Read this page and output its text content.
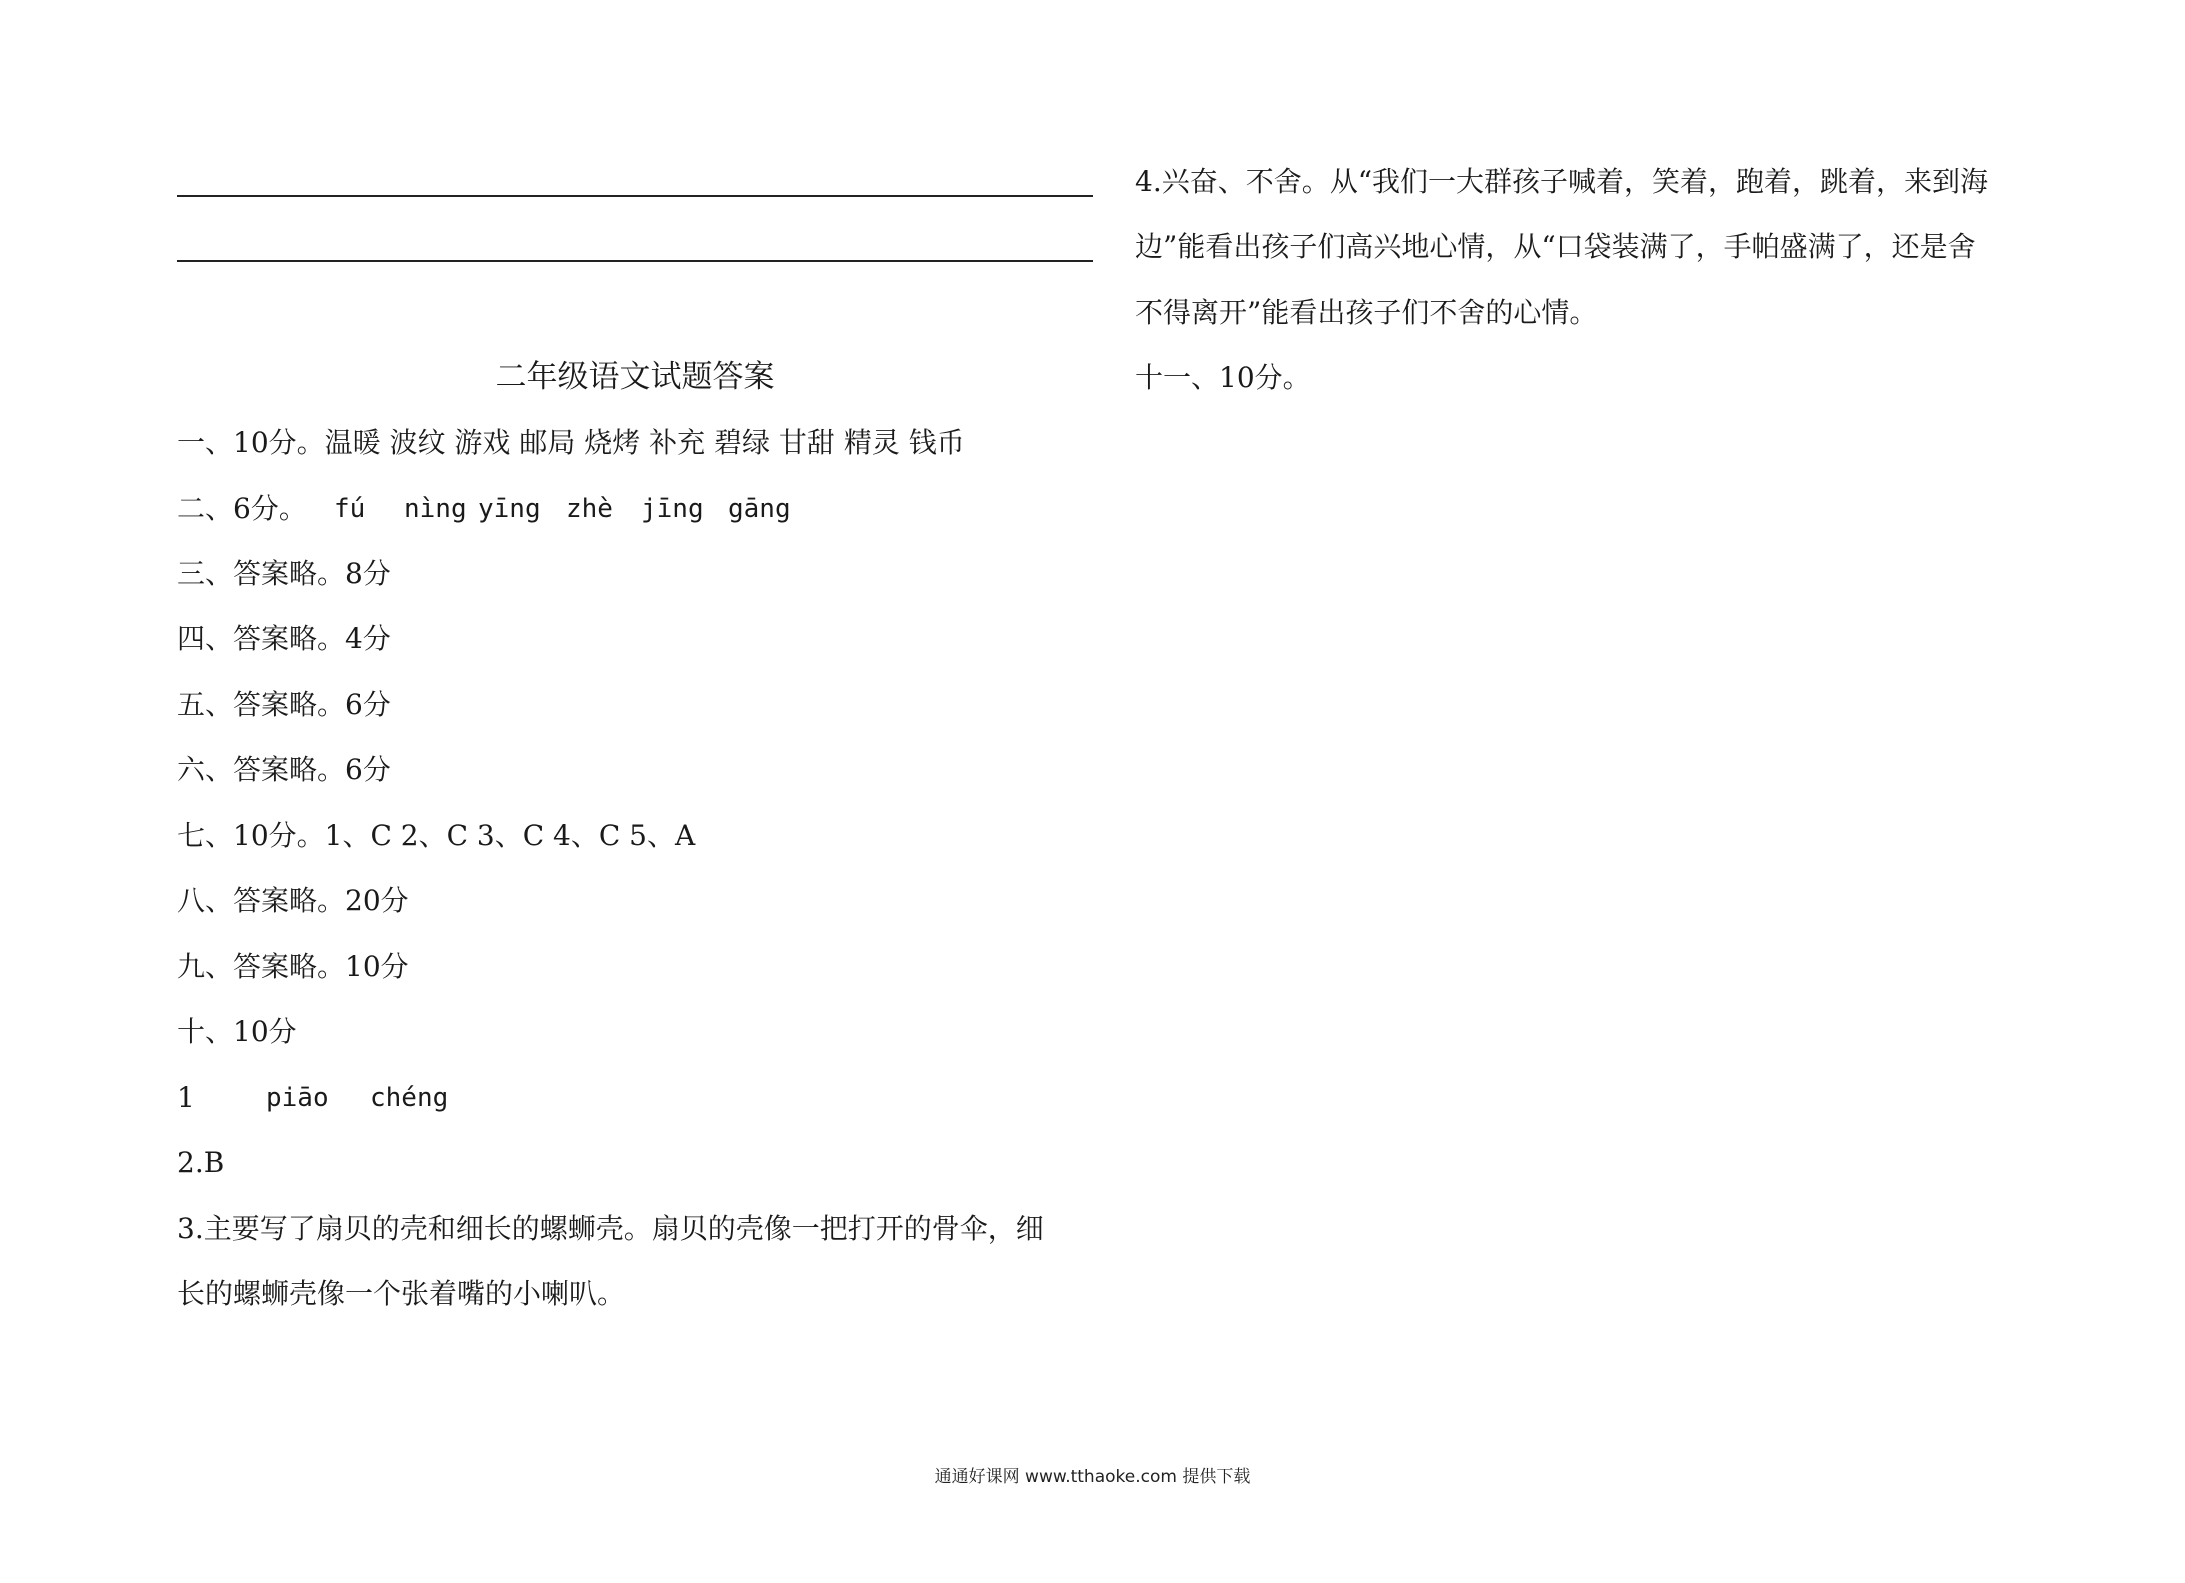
二年级语文试题答案
一、10分。温暖 波纹 游戏 邮局 烧烤 补充 碧绿 甘甜 精灵 钱币
二、6分。 fú nìng yīng zhè jīng gāng
三、答案略。8分
四、答案略。4分
五、答案略。6分
六、答案略。6分
七、10分。1、C 2、C 3、C 4、C 5、A
八、答案略。20分
九、答案略。10分
十、10分
1	piāo chéng
2.B
3.主要写了扇贝的壳和细长的螺蛳壳。扇贝的壳像一把打开的骨伞，细
长的螺蛳壳像一个张着嘴的小喇叭。
4.兴奋、不舍。从“我们一大群孩子喊着，笑着，跑着，跳着，来到海
边”能看出孩子们高兴地心情，从“口袋装满了，手帕盛满了，还是舍
不得离开”能看出孩子们不舍的心情。
十一、10分。
通通好课网 www.tthaoke.com 提供下载
